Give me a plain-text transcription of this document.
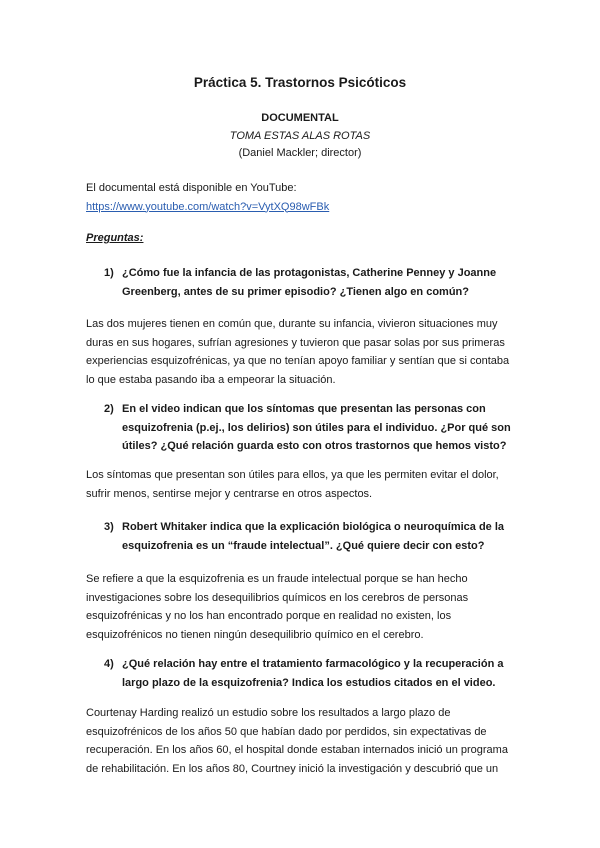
Práctica 5. Trastornos Psicóticos
DOCUMENTAL
TOMA ESTAS ALAS ROTAS
(Daniel Mackler; director)
El documental está disponible en YouTube:
https://www.youtube.com/watch?v=VytXQ98wFBk
Preguntas:
1) ¿Cómo fue la infancia de las protagonistas, Catherine Penney y Joanne Greenberg, antes de su primer episodio? ¿Tienen algo en común?
Las dos mujeres tienen en común que, durante su infancia, vivieron situaciones muy duras en sus hogares, sufrían agresiones y tuvieron que pasar solas por sus primeras experiencias esquizofrénicas, ya que no tenían apoyo familiar y sentían que si contaba lo que estaba pasando iba a empeorar la situación.
2) En el video indican que los síntomas que presentan las personas con esquizofrenia (p.ej., los delirios) son útiles para el individuo. ¿Por qué son útiles? ¿Qué relación guarda esto con otros trastornos que hemos visto?
Los síntomas que presentan son útiles para ellos, ya que les permiten evitar el dolor, sufrir menos, sentirse mejor y centrarse en otros aspectos.
3) Robert Whitaker indica que la explicación biológica o neuroquímica de la esquizofrenia es un “fraude intelectual”. ¿Qué quiere decir con esto?
Se refiere a que la esquizofrenia es un fraude intelectual porque se han hecho investigaciones sobre los desequilibrios químicos en los cerebros de personas esquizofrénicas y no los han encontrado porque en realidad no existen, los esquizofrénicos no tienen ningún desequilibrio químico en el cerebro.
4) ¿Qué relación hay entre el tratamiento farmacológico y la recuperación a largo plazo de la esquizofrenia? Indica los estudios citados en el video.
Courtenay Harding realizó un estudio sobre los resultados a largo plazo de esquizofrénicos de los años 50 que habían dado por perdidos, sin expectativas de recuperación. En los años 60, el hospital donde estaban internados inició un programa de rehabilitación. En los años 80, Courtney inició la investigación y descubrió que un
